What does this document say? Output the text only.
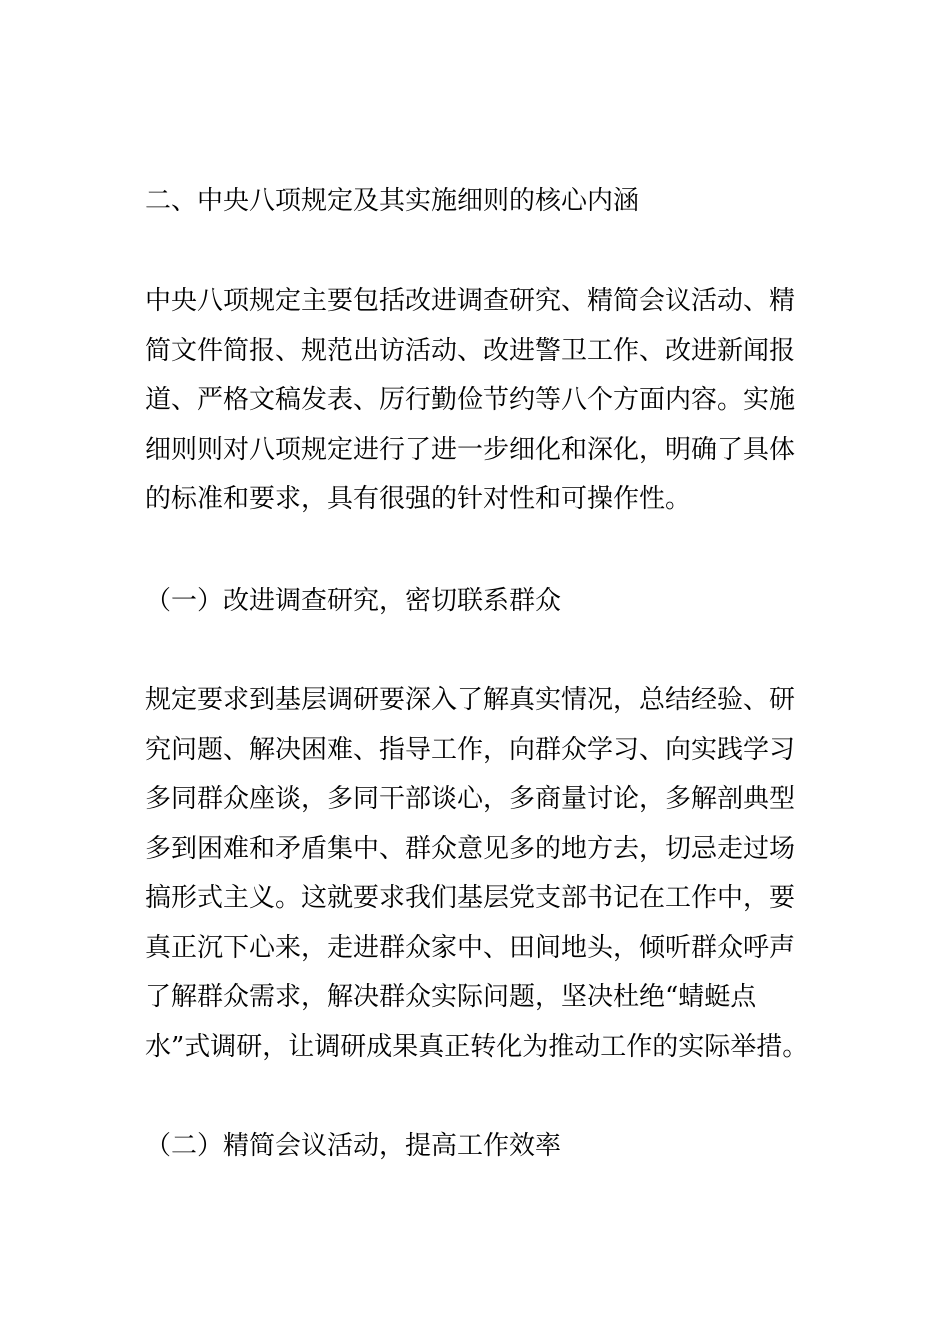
二、中央八项规定及其实施细则的核心内涵
中央八项规定主要包括改进调查研究、精简会议活动、精
简文件简报、规范出访活动、改进警卫工作、改进新闻报
道、严格文稿发表、厉行勤俭节约等八个方面内容。实施
细则则对八项规定进行了进一步细化和深化，明确了具体
的标准和要求，具有很强的针对性和可操作性。
（一）改进调查研究，密切联系群众
规定要求到基层调研要深入了解真实情况，总结经验、研
究问题、解决困难、指导工作，向群众学习、向实践学习
多同群众座谈，多同干部谈心，多商量讨论，多解剖典型
多到困难和矛盾集中、群众意见多的地方去，切忌走过场
搞形式主义。这就要求我们基层党支部书记在工作中，要
真正沉下心来，走进群众家中、田间地头，倾听群众呼声
了解群众需求，解决群众实际问题，坚决杜绝“蜻蜓点
水”式调研，让调研成果真正转化为推动工作的实际举措。
（二）精简会议活动，提高工作效率
